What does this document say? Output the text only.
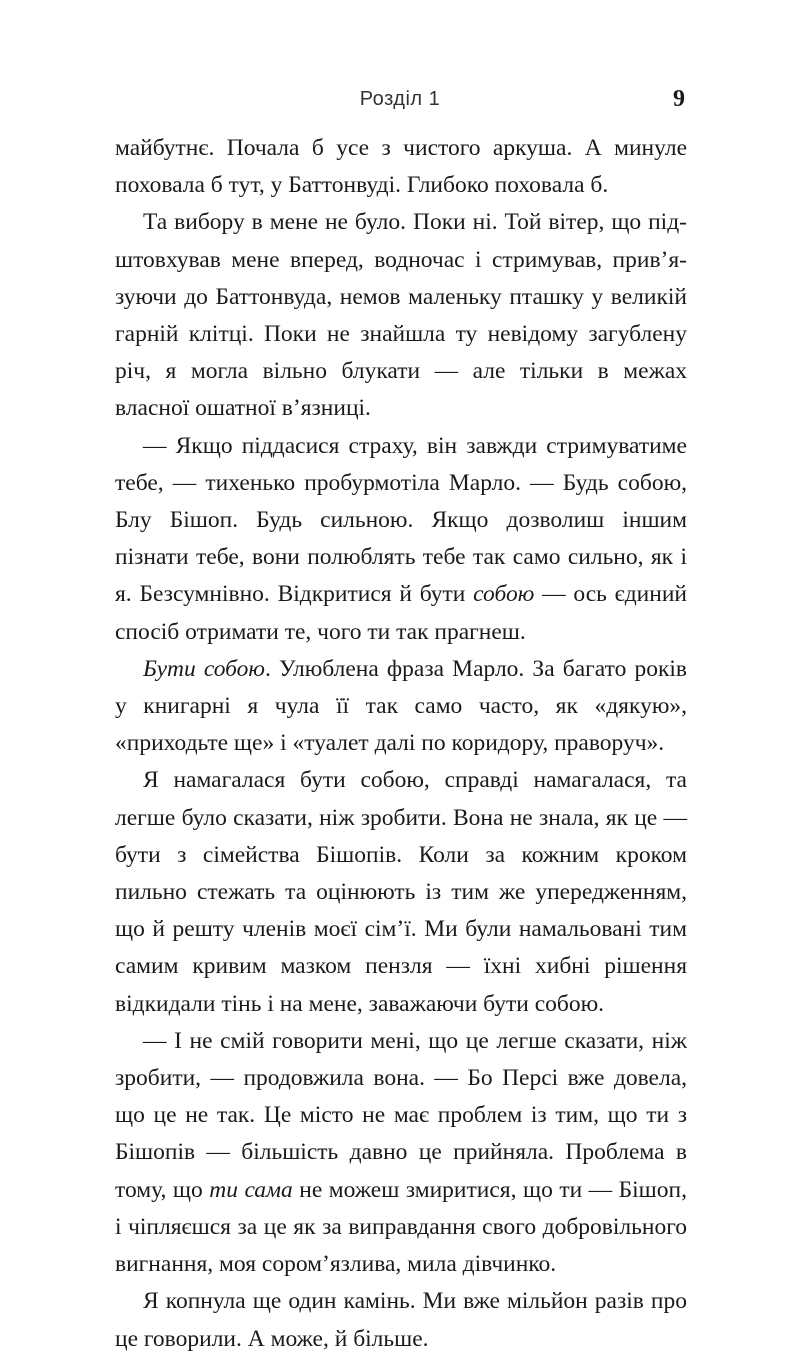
Розділ 1	9

майбутнє. Почала б усе з чистого аркуша. А минуле поховала б тут, у Баттонвуді. Глибоко поховала б.

Та вибору в мене не було. Поки ні. Той вітер, що підштовхував мене вперед, водночас і стримував, прив’язуючи до Баттонвуда, немов маленьку пташку у великій гарній клітці. Поки не знайшла ту невідому загублену річ, я могла вільно блукати — але тільки в межах власної ошатної в’язниці.

— Якщо піддасися страху, він завжди стримуватиме тебе, — тихенько пробурмотіла Марло. — Будь собою, Блу Бішоп. Будь сильною. Якщо дозволиш іншим пізнати тебе, вони полюблять тебе так само сильно, як і я. Безсумнівно. Відкритися й бути собою — ось єдиний спосіб отримати те, чого ти так прагнеш.

Бути собою. Улюблена фраза Марло. За багато років у книгарні я чула її так само часто, як «дякую», «приходьте ще» і «туалет далі по коридору, праворуч».

Я намагалася бути собою, справді намагалася, та легше було сказати, ніж зробити. Вона не знала, як це — бути з сімейства Бішопів. Коли за кожним кроком пильно стежать та оцінюють із тим же упередженням, що й решту членів моєї сім’ї. Ми були намальовані тим самим кривим мазком пензля — їхні хибні рішення відкидали тінь і на мене, заважаючи бути собою.

— І не смій говорити мені, що це легше сказати, ніж зробити, — продовжила вона. — Бо Персі вже довела, що це не так. Це місто не має проблем із тим, що ти з Бішопів — більшість давно це прийняла. Проблема в тому, що ти сама не можеш змиритися, що ти — Бішоп, і чіпляєшся за це як за виправдання свого добровільного вигнання, моя сором’язлива, мила дівчинко.

Я копнула ще один камінь. Ми вже мільйон разів про це говорили. А може, й більше.
